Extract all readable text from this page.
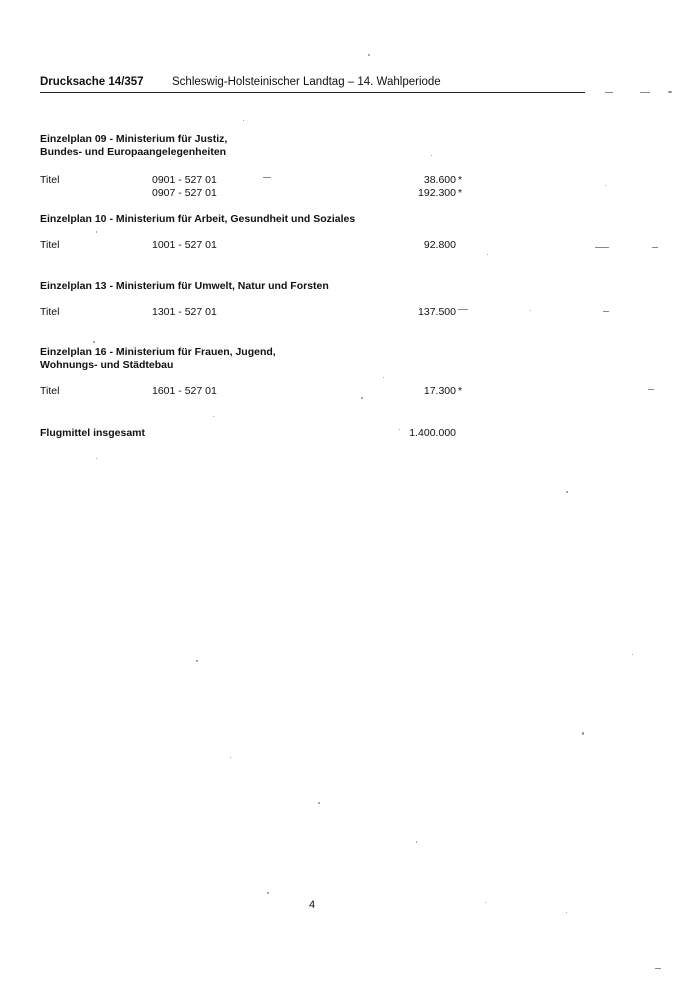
Drucksache 14/357 Schleswig-Holsteinischer Landtag – 14. Wahlperiode
Einzelplan 09 - Ministerium für Justiz,
Bundes- und Europaangelegenheiten
Titel	0901 - 527 01	38.600 *
0907 - 527 01	192.300 *
Einzelplan 10 - Ministerium für Arbeit, Gesundheit und Soziales
Titel	1001 - 527 01	92.800
Einzelplan 13 - Ministerium für Umwelt, Natur und Forsten
Titel	1301 - 527 01	137.500
Einzelplan 16 - Ministerium für Frauen, Jugend,
Wohnungs- und Städtebau
Titel	1601 - 527 01	17.300 *
Flugmittel insgesamt	1.400.000
4
